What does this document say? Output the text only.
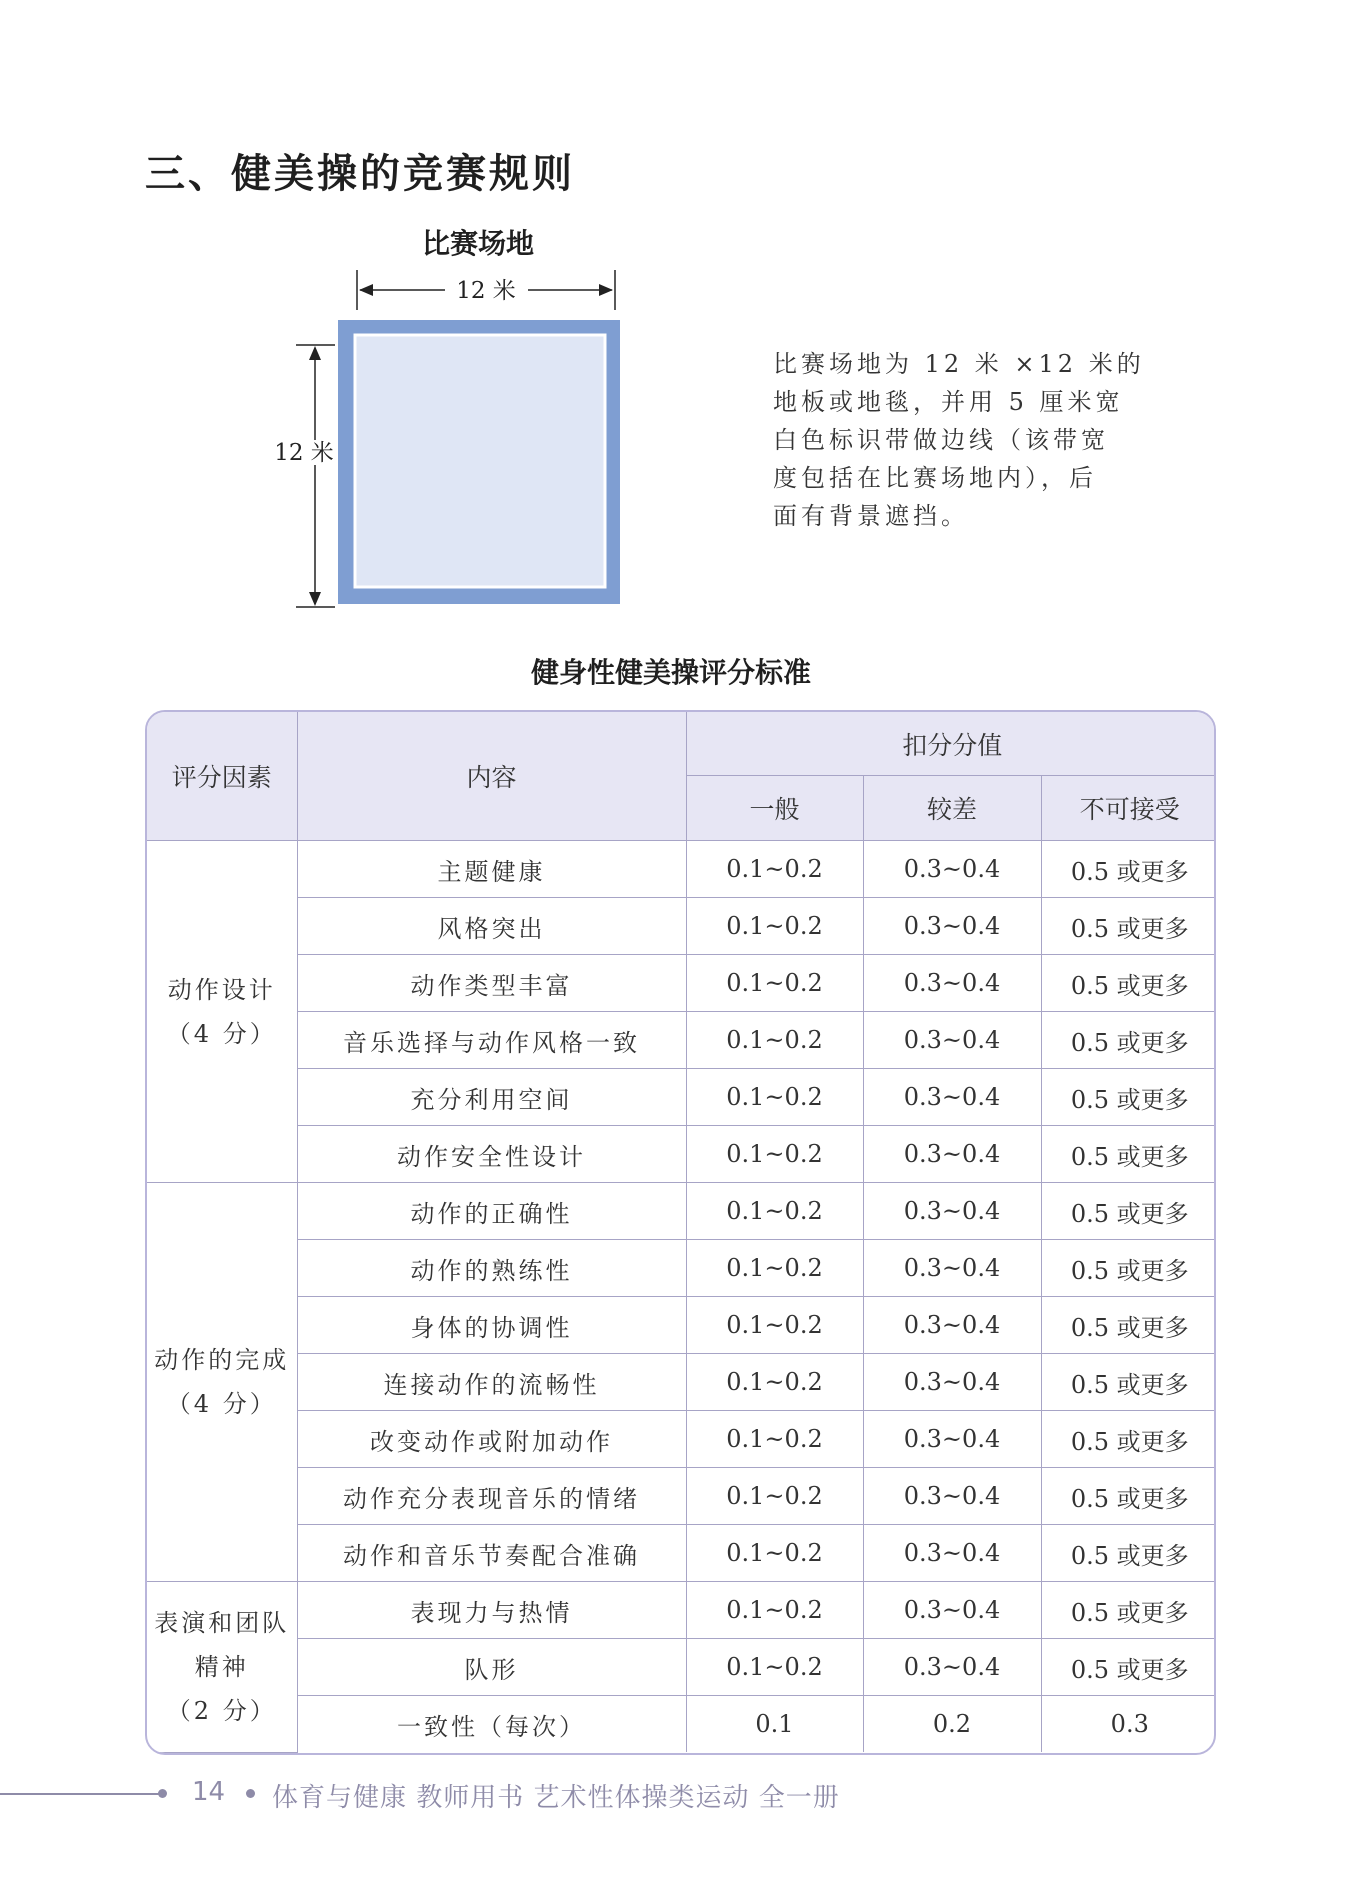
三、健美操的竞赛规则
比赛场地
12 米
12 米
比赛场地为 12 米 ×12 米的
地板或地毯，并用 5 厘米宽
白色标识带做边线（该带宽
度包括在比赛场地内），后
面有背景遮挡。
健身性健美操评分标准
评分因素	内容	扣分分值		
		一般	较差	不可接受

动作设计
（4 分）	主题健康	0.1~0.2	0.3~0.4	0.5 或更多
	风格突出	0.1~0.2	0.3~0.4	0.5 或更多
	动作类型丰富	0.1~0.2	0.3~0.4	0.5 或更多
	音乐选择与动作风格一致	0.1~0.2	0.3~0.4	0.5 或更多
	充分利用空间	0.1~0.2	0.3~0.4	0.5 或更多
	动作安全性设计	0.1~0.2	0.3~0.4	0.5 或更多

动作的完成
（4 分）	动作的正确性	0.1~0.2	0.3~0.4	0.5 或更多
	动作的熟练性	0.1~0.2	0.3~0.4	0.5 或更多
	身体的协调性	0.1~0.2	0.3~0.4	0.5 或更多
	连接动作的流畅性	0.1~0.2	0.3~0.4	0.5 或更多
	改变动作或附加动作	0.1~0.2	0.3~0.4	0.5 或更多
	动作充分表现音乐的情绪	0.1~0.2	0.3~0.4	0.5 或更多
	动作和音乐节奏配合准确	0.1~0.2	0.3~0.4	0.5 或更多

表演和团队
精神
（2 分）	表现力与热情	0.1~0.2	0.3~0.4	0.5 或更多
	队形	0.1~0.2	0.3~0.4	0.5 或更多
	一致性（每次）	0.1	0.2	0.3
14 体育与健康 教师用书 艺术性体操类运动 全一册
